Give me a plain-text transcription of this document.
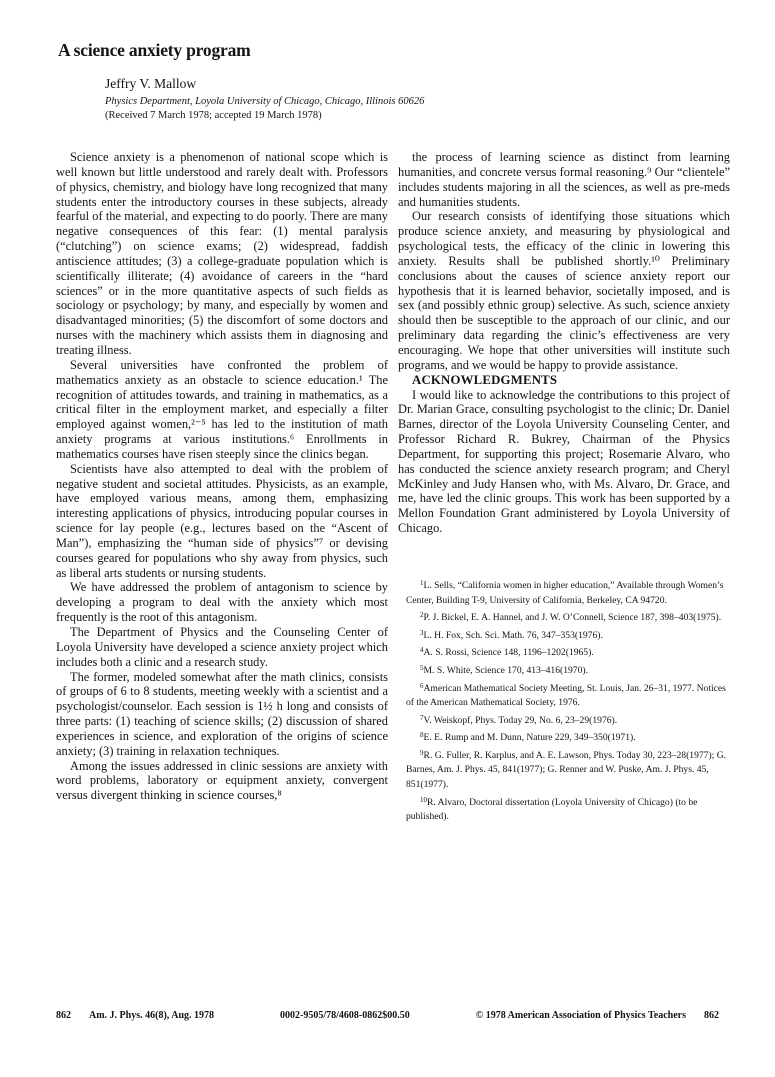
A science anxiety program
Jeffry V. Mallow
Physics Department, Loyola University of Chicago, Chicago, Illinois 60626
(Received 7 March 1978; accepted 19 March 1978)

Science anxiety is a phenomenon of national scope which is well known but little understood and rarely dealt with. Professors of physics, chemistry, and biology have long recognized that many students enter the introductory courses in these subjects, already fearful of the material, and expecting to do poorly. There are many negative consequences of this fear: (1) mental paralysis (“clutching”) on science exams; (2) widespread, faddish antiscience attitudes; (3) a college-graduate population which is scientifically illiterate; (4) avoidance of careers in the “hard sciences” or in the more quantitative aspects of such fields as sociology or psychology; by many, and especially by women and disadvantaged minorities; (5) the discomfort of some doctors and nurses with the machinery which assists them in diagnosing and treating illness.

Several universities have confronted the problem of mathematics anxiety as an obstacle to science education.¹ The recognition of attitudes towards, and training in mathematics, as a critical filter in the employment market, and especially a filter employed against women,²⁻⁵ has led to the institution of math anxiety programs at various institutions.⁶ Enrollments in mathematics courses have risen steeply since the clinics began.

Scientists have also attempted to deal with the problem of negative student and societal attitudes. Physicists, as an example, have employed various means, among them, emphasizing interesting applications of physics, introducing popular courses in science for lay people (e.g., lectures based on the “Ascent of Man”), emphasizing the “human side of physics”⁷ or devising courses geared for populations who shy away from physics, such as liberal arts students or nursing students.

We have addressed the problem of antagonism to science by developing a program to deal with the anxiety which most frequently is the root of this antagonism.

The Department of Physics and the Counseling Center of Loyola University have developed a science anxiety project which includes both a clinic and a research study.

The former, modeled somewhat after the math clinics, consists of groups of 6 to 8 students, meeting weekly with a scientist and a psychologist/counselor. Each session is 1½ h long and consists of three parts: (1) teaching of science skills; (2) discussion of shared experiences in science, and exploration of the origins of science anxiety; (3) training in relaxation techniques.

Among the issues addressed in clinic sessions are anxiety with word problems, laboratory or equipment anxiety, convergent versus divergent thinking in science courses,⁸

the process of learning science as distinct from learning humanities, and concrete versus formal reasoning.⁹ Our “clientele” includes students majoring in all the sciences, as well as pre-meds and humanities students.

Our research consists of identifying those situations which produce science anxiety, and measuring by physiological and psychological tests, the efficacy of the clinic in lowering this anxiety. Results shall be published shortly.¹⁰ Preliminary conclusions about the causes of science anxiety report our hypothesis that it is learned behavior, societally imposed, and is sex (and possibly ethnic group) selective. As such, science anxiety should then be susceptible to the approach of our clinic, and our preliminary data regarding the clinic’s effectiveness are very encouraging. We hope that other universities will institute such programs, and we would be happy to provide assistance.

ACKNOWLEDGMENTS

I would like to acknowledge the contributions to this project of Dr. Marian Grace, consulting psychologist to the clinic; Dr. Daniel Barnes, director of the Loyola University Counseling Center, and Professor Richard R. Bukrey, Chairman of the Physics Department, for supporting this project; Rosemarie Alvaro, who has conducted the science anxiety research program; and Cheryl McKinley and Judy Hansen who, with Ms. Alvaro, Dr. Grace, and me, have led the clinic groups. This work has been supported by a Mellon Foundation Grant administered by Loyola University of Chicago.

$^1$L. Sells, “California women in higher education,” Available through Women’s Center, Building T-9, University of California, Berkeley, CA 94720.

$^2$P. J. Bickel, E. A. Hannel, and J. W. O’Connell, Science 187, 398–403(1975).

$^3$L. H. Fox, Sch. Sci. Math. 76, 347–353(1976).

$^4$A. S. Rossi, Science 148, 1196–1202(1965).

$^5$M. S. White, Science 170, 413–416(1970).

$^6$American Mathematical Society Meeting, St. Louis, Jan. 26–31, 1977. Notices of the American Mathematical Society, 1976.

$^7$V. Weiskopf, Phys. Today 29, No. 6, 23–29(1976).

$^8$E. E. Rump and M. Dunn, Nature 229, 349–350(1971).

$^9$R. G. Fuller, R. Karplus, and A. E. Lawson, Phys. Today 30, 223–28(1977); G. Barnes, Am. J. Phys. 45, 841(1977); G. Renner and W. Puske, Am. J. Phys. 45, 851(1977).

$^{10}$R. Alvaro, Doctoral dissertation (Loyola University of Chicago) (to be published).

862 Am. J. Phys. 46(8), Aug. 1978	0002-9505/78/4608-0862$00.50	© 1978 American Association of Physics Teachers 862
